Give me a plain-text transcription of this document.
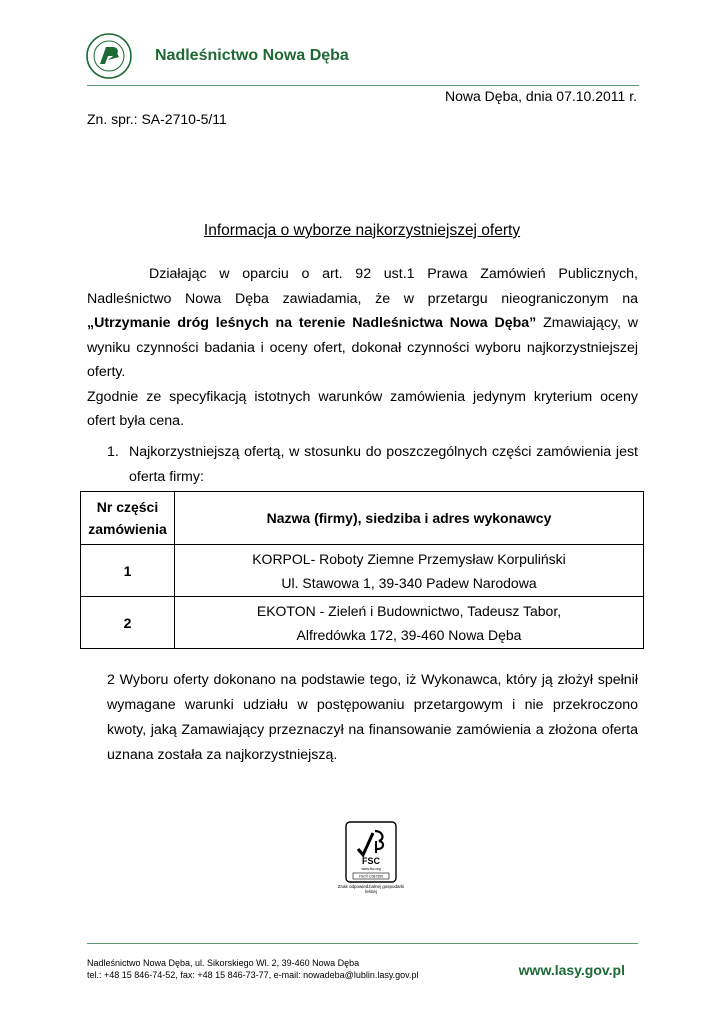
Nadleśnictwo Nowa Dęba
Nowa Dęba, dnia 07.10.2011 r.
Zn. spr.: SA-2710-5/11
Informacja o wyborze najkorzystniejszej oferty

Działając w oparciu o art. 92 ust.1 Prawa Zamówień Publicznych, Nadleśnictwo Nowa Dęba zawiadamia, że w przetargu nieograniczonym na „Utrzymanie dróg leśnych na terenie Nadleśnictwa Nowa Dęba” Zmawiający, w wyniku czynności badania i oceny ofert, dokonał czynności wyboru najkorzystniejszej oferty.

Zgodnie ze specyfikacją istotnych warunków zamówienia jedynym kryterium oceny ofert była cena.

1. Najkorzystniejszą ofertą, w stosunku do poszczególnych części zamówienia jest oferta firmy:
Nr części zamówienia	Nazwa (firmy), siedziba i adres wykonawcy
1	KORPOL- Roboty Ziemne Przemysław Korpuliński
Ul. Stawowa 1, 39-340 Padew Narodowa

2	EKOTON - Zieleń i Budownictwo, Tadeusz Tabor,
Alfredówka 172, 39-460 Nowa Dęba
2 Wyboru oferty dokonano na podstawie tego, iż Wykonawca, który ją złożył spełnił wymagane warunki udziału w postępowaniu przetargowym i nie przekroczono kwoty, jaką Zamawiający przeznaczył na finansowanie zamówienia a złożona oferta uznana została za najkorzystniejszą.
FSC
www.fsc.org
FSC® C087350
Znak odpowiedzialnej gospodarki leśnej
Nadleśnictwo Nowa Dęba, ul. Sikorskiego Wl. 2, 39-460 Nowa Dęba
tel.: +48 15 846-74-52, fax: +48 15 846-73-77, e-mail: nowadeba@lublin.lasy.gov.pl	www.lasy.gov.pl
